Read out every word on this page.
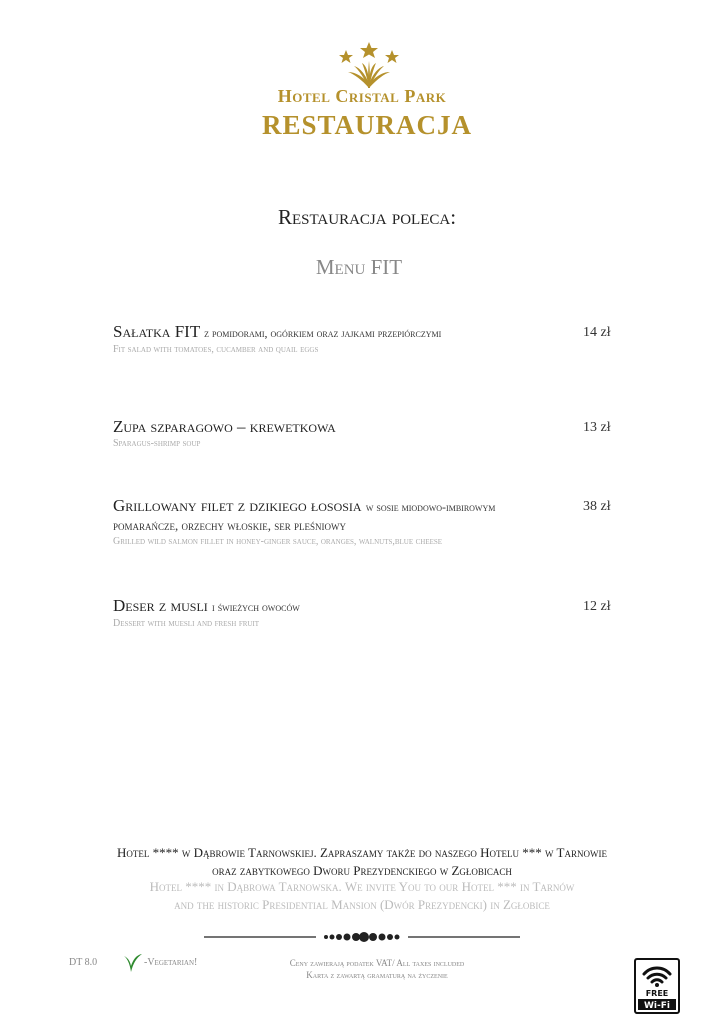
Hotel Cristal Park
RESTAURACJA
Restauracja poleca:
Menu FIT
Sałatka FIT z pomidorami, ogórkiem oraz jajkami przepiórczymi
Fit salad with tomatoes, cucamber and quail eggs
14 zł
Zupa szparagowo – krewetkowa
Sparagus-shrimp soup
13 zł
Grillowany filet z dzikiego łososia w sosie miodowo-imbirowym
pomarańcze, orzechy włoskie, ser pleśniowy
Grilled wild salmon fillet in honey-ginger sauce, oranges, walnuts,blue cheese
38 zł
Deser z musli i świeżych owoców
Dessert with muesli and fresh fruit
12 zł
Hotel **** w Dąbrowie Tarnowskiej. Zapraszamy także do naszego Hotelu *** w Tarnowie
oraz zabytkowego Dworu Prezydenckiego w Zgłobicach
Hotel **** in Dąbrowa Tarnowska. We invite You to our Hotel *** in Tarnów
and the historic Presidential Mansion (Dwór Prezydencki) in Zgłobice
DT 8.0	-Vegetarian!	Ceny zawierają podatek VAT/ All taxes included
Karta z zawartą gramaturą na życzenie
FREE
Wi-Fi
